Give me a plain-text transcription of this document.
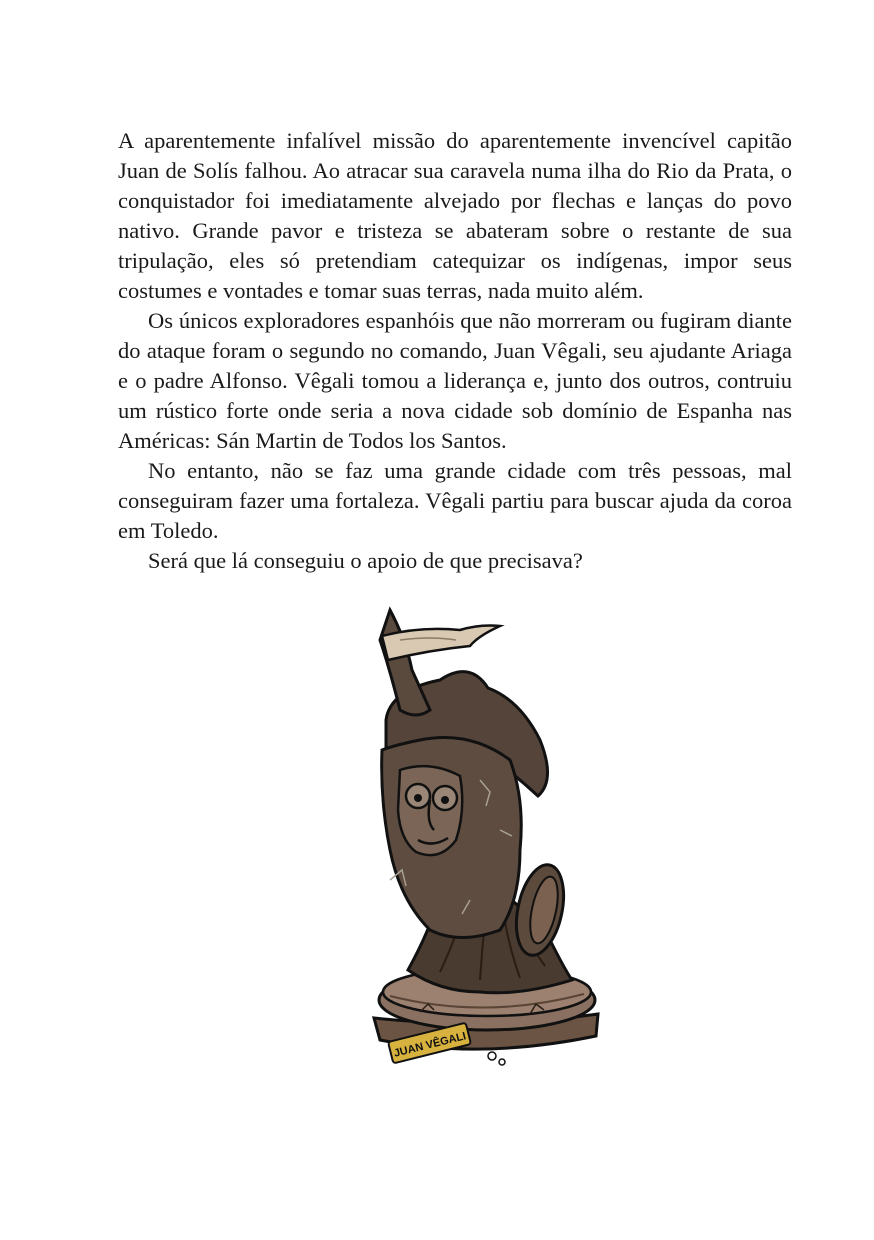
A aparentemente infalível missão do aparentemente invencível capitão Juan de Solís falhou. Ao atracar sua caravela numa ilha do Rio da Prata, o conquistador foi imediatamente alvejado por flechas e lanças do povo nativo. Grande pavor e tristeza se abateram sobre o restante de sua tripulação, eles só pretendiam catequizar os indígenas, impor seus costumes e vontades e tomar suas terras, nada muito além.

Os únicos exploradores espanhóis que não morreram ou fugiram diante do ataque foram o segundo no comando, Juan Vêgali, seu ajudante Ariaga e o padre Alfonso. Vêgali tomou a liderança e, junto dos outros, contruiu um rústico forte onde seria a nova cidade sob domínio de Espanha nas Américas: Sán Martin de Todos los Santos.

No entanto, não se faz uma grande cidade com três pessoas, mal conseguiram fazer uma fortaleza. Vêgali partiu para buscar ajuda da coroa em Toledo.

Será que lá conseguiu o apoio de que precisava?

JUAN VÊGALI
